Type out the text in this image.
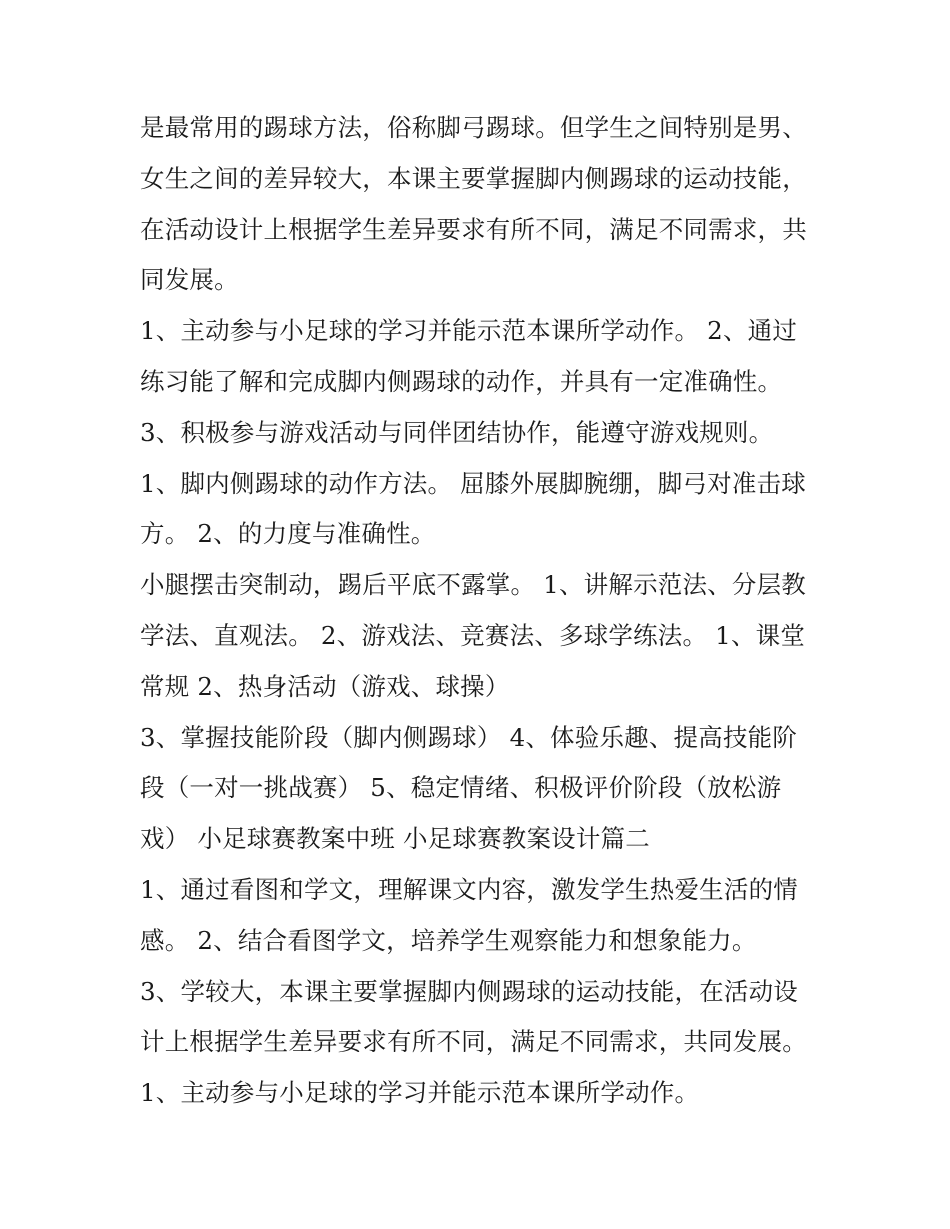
是最常用的踢球方法，俗称脚弓踢球。但学生之间特别是男、
女生之间的差异较大，本课主要掌握脚内侧踢球的运动技能，
在活动设计上根据学生差异要求有所不同，满足不同需求，共
同发展。
1、主动参与小足球的学习并能示范本课所学动作。 2、通过
练习能了解和完成脚内侧踢球的动作，并具有一定准确性。
3、积极参与游戏活动与同伴团结协作，能遵守游戏规则。
1、脚内侧踢球的动作方法。 屈膝外展脚腕绷，脚弓对准击球
方。 2、的力度与准确性。
小腿摆击突制动，踢后平底不露掌。 1、讲解示范法、分层教
学法、直观法。 2、游戏法、竞赛法、多球学练法。 1、课堂
常规 2、热身活动（游戏、球操）
3、掌握技能阶段（脚内侧踢球） 4、体验乐趣、提高技能阶
段（一对一挑战赛） 5、稳定情绪、积极评价阶段（放松游
戏） 小足球赛教案中班 小足球赛教案设计篇二
1、通过看图和学文，理解课文内容，激发学生热爱生活的情
感。 2、结合看图学文，培养学生观察能力和想象能力。
3、学较大，本课主要掌握脚内侧踢球的运动技能，在活动设
计上根据学生差异要求有所不同，满足不同需求，共同发展。
1、主动参与小足球的学习并能示范本课所学动作。
